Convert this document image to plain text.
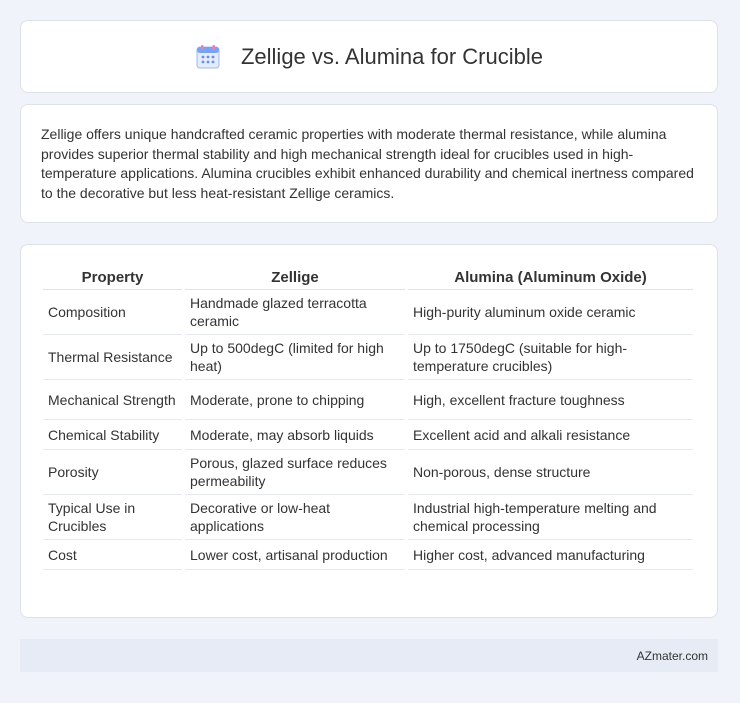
Zellige vs. Alumina for Crucible

Zellige offers unique handcrafted ceramic properties with moderate thermal resistance, while alumina provides superior thermal stability and high mechanical strength ideal for crucibles used in high-temperature applications. Alumina crucibles exhibit enhanced durability and chemical inertness compared to the decorative but less heat-resistant Zellige ceramics.

Property	Zellige	Alumina (Aluminum Oxide)
Composition	Handmade glazed terracotta ceramic	High-purity aluminum oxide ceramic
Thermal Resistance	Up to 500degC (limited for high heat)	Up to 1750degC (suitable for high-temperature crucibles)
Mechanical Strength	Moderate, prone to chipping	High, excellent fracture toughness
Chemical Stability	Moderate, may absorb liquids	Excellent acid and alkali resistance
Porosity	Porous, glazed surface reduces permeability	Non-porous, dense structure
Typical Use in Crucibles	Decorative or low-heat applications	Industrial high-temperature melting and chemical processing
Cost	Lower cost, artisanal production	Higher cost, advanced manufacturing
AZmater.com
